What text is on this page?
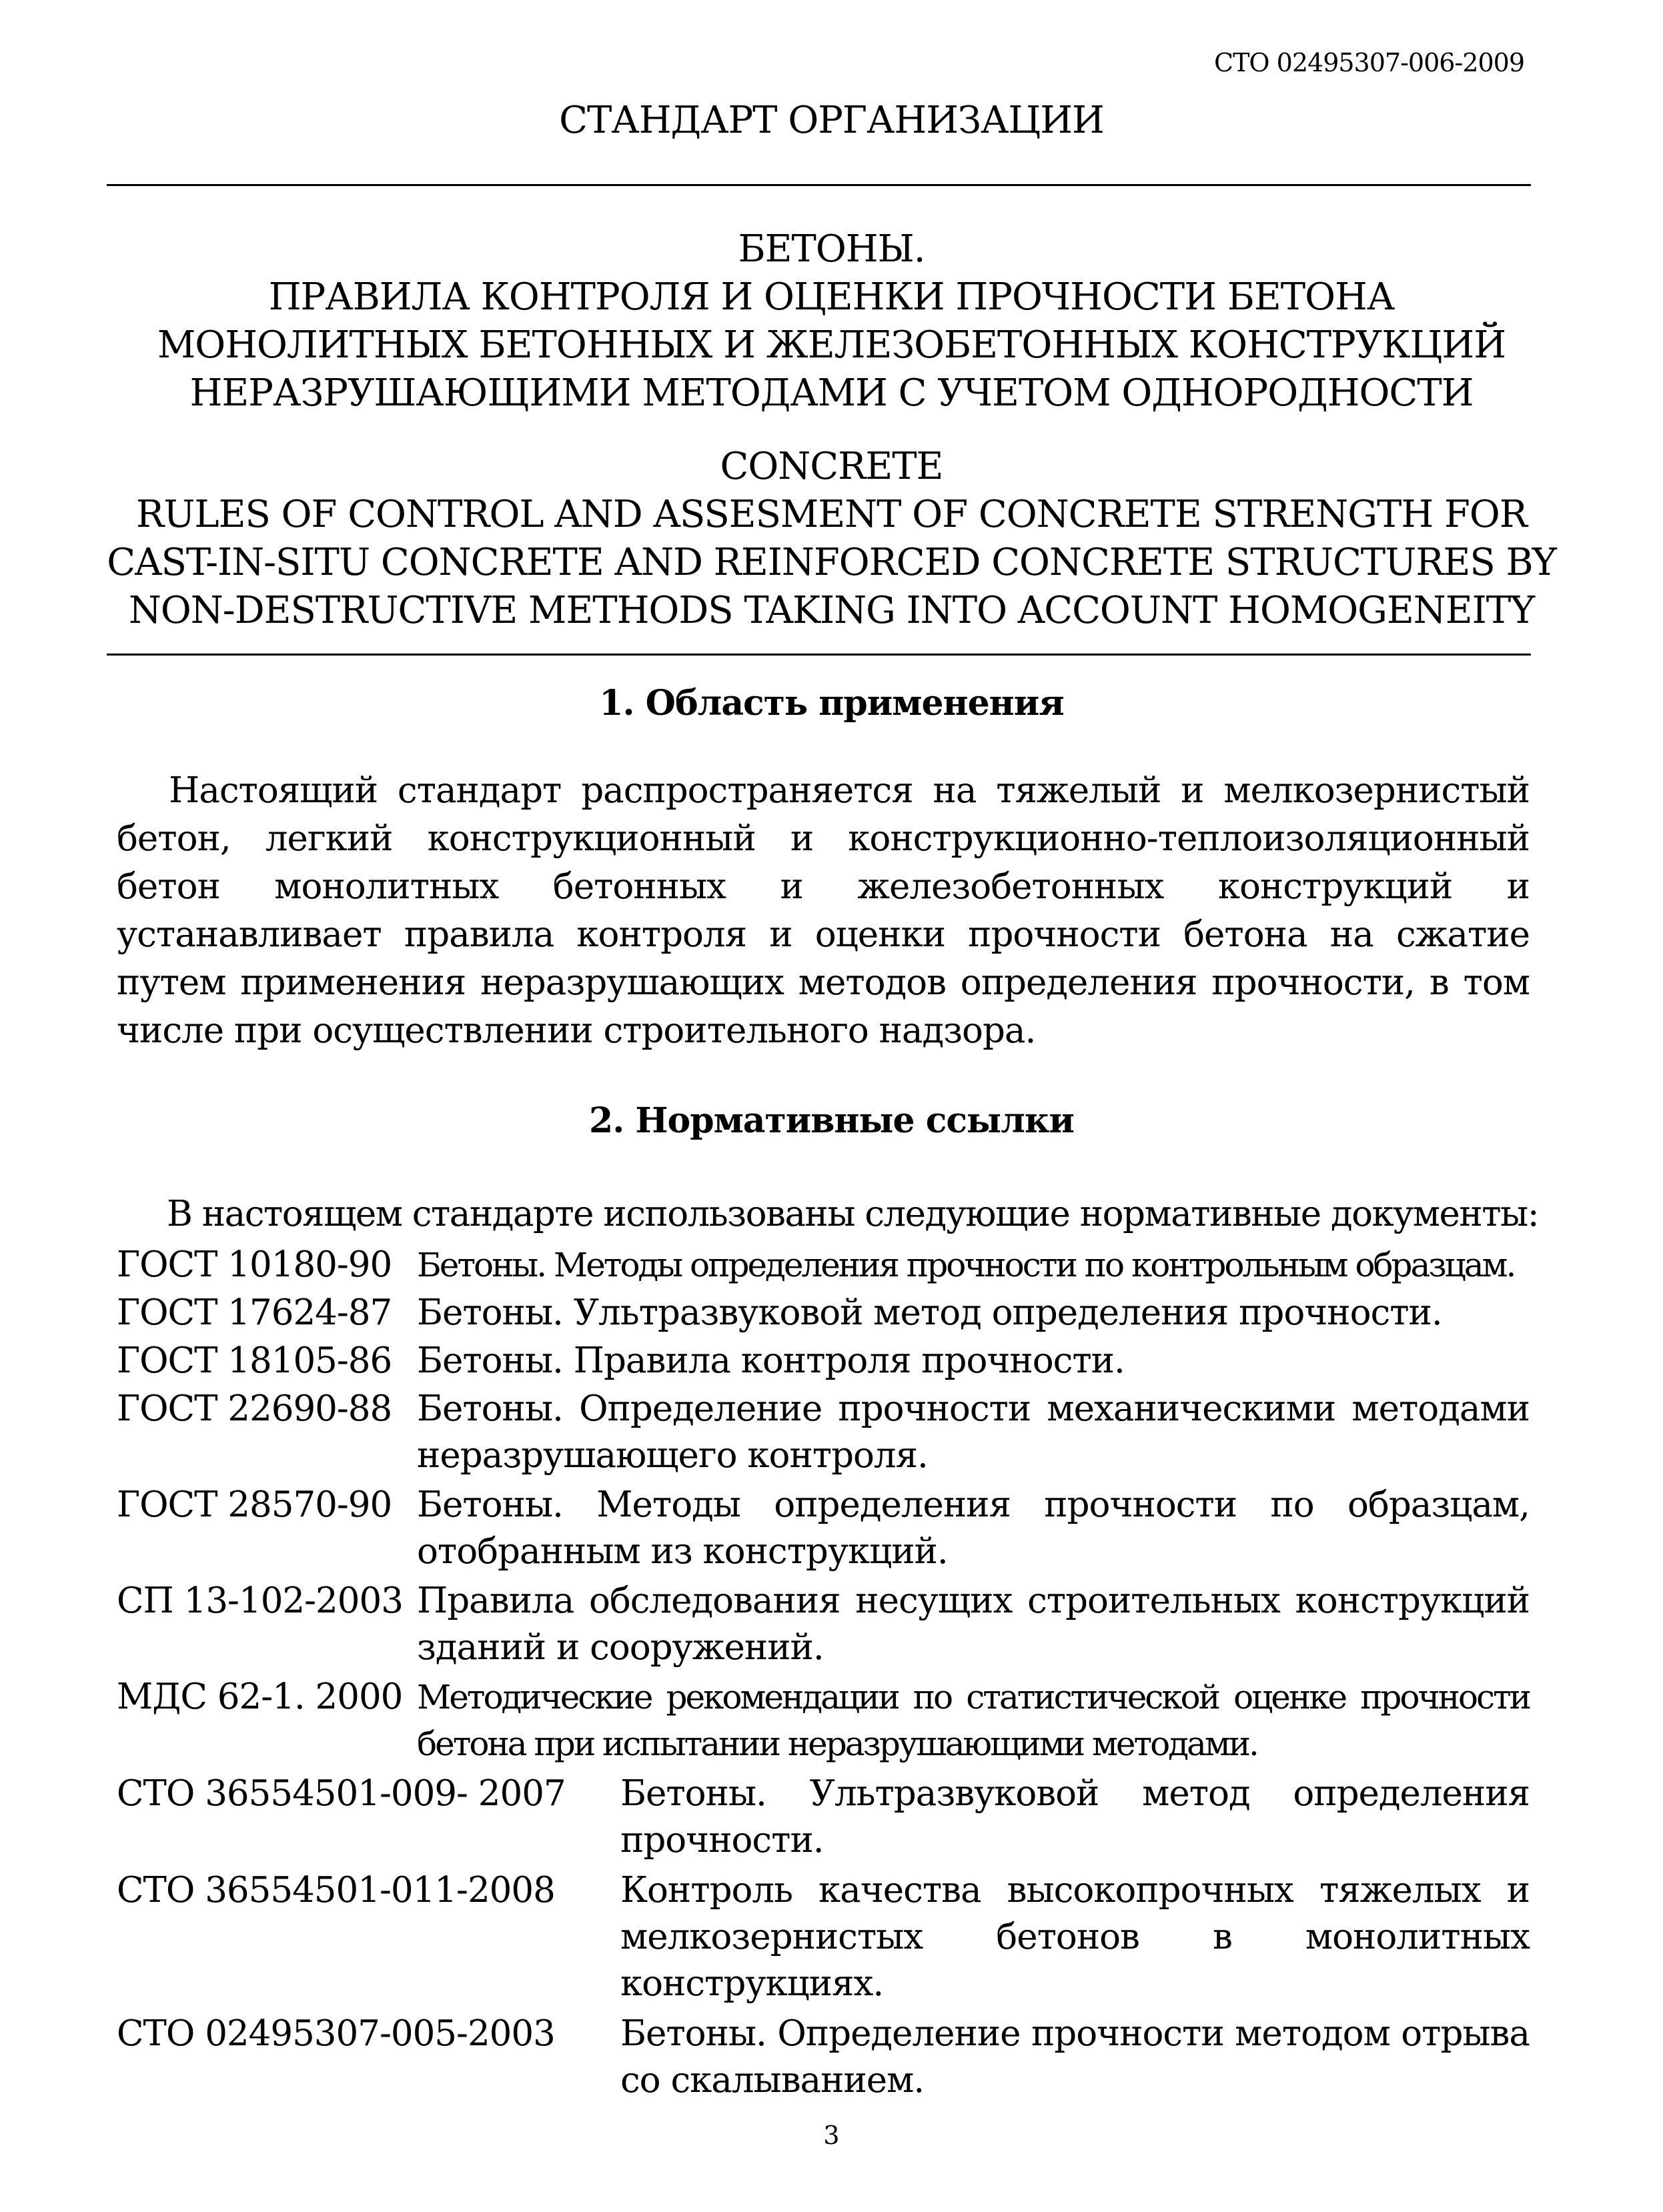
СТО 02495307-006-2009
СТАНДАРТ ОРГАНИЗАЦИИ
БЕТОНЫ.
ПРАВИЛА КОНТРОЛЯ И ОЦЕНКИ ПРОЧНОСТИ БЕТОНА
МОНОЛИТНЫХ БЕТОННЫХ И ЖЕЛЕЗОБЕТОННЫХ КОНСТРУКЦИЙ
НЕРАЗРУШАЮЩИМИ МЕТОДАМИ С УЧЕТОМ ОДНОРОДНОСТИ
CONCRETE
RULES OF CONTROL AND ASSESMENT OF CONCRETE STRENGTH FOR
CAST-IN-SITU CONCRETE AND REINFORCED CONCRETE STRUCTURES BY
NON-DESTRUCTIVE METHODS TAKING INTO ACCOUNT HOMOGENEITY
1. Область применения
Настоящий стандарт распространяется на тяжелый и мелкозернистый бетон, легкий конструкционный и конструкционно-теплоизоляционный бетон монолитных бетонных и железобетонных конструкций и устанавливает правила контроля и оценки прочности бетона на сжатие путем применения неразрушающих методов определения прочности, в том числе при осуществлении строительного надзора.
2. Нормативные ссылки
В настоящем стандарте использованы следующие нормативные документы:
ГОСТ 10180-90 Бетоны. Методы определения прочности по контрольным образцам.
ГОСТ 17624-87 Бетоны. Ультразвуковой метод определения прочности.
ГОСТ 18105-86 Бетоны. Правила контроля прочности.
ГОСТ 22690-88 Бетоны. Определение прочности механическими методами неразрушающего контроля.
ГОСТ 28570-90 Бетоны. Методы определения прочности по образцам, отобранным из конструкций.
СП 13-102-2003 Правила обследования несущих строительных конструкций зданий и сооружений.
МДС 62-1. 2000 Методические рекомендации по статистической оценке прочности бетона при испытании неразрушающими методами.
СТО 36554501-009- 2007 Бетоны. Ультразвуковой метод определения прочности.
СТО 36554501-011-2008 Контроль качества высокопрочных тяжелых и мелкозернистых бетонов в монолитных конструкциях.
СТО 02495307-005-2003 Бетоны. Определение прочности методом отрыва со скалыванием.
3
